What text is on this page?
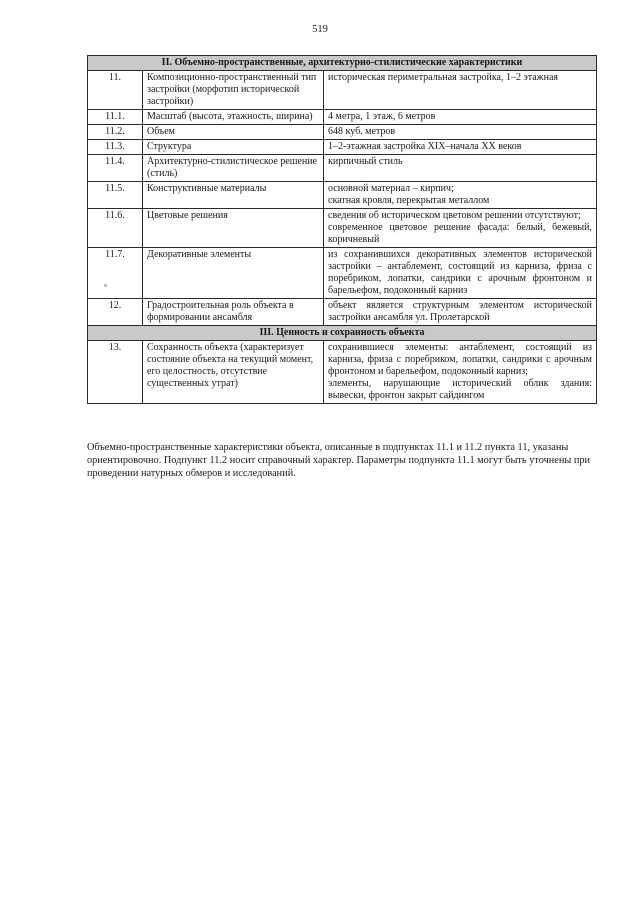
519
II. Объемно-пространственные, архитектурно-стилистические характеристики		
11.	Композиционно-пространственный тип застройки (морфотип исторической застройки)	историческая периметральная застройка, 1–2 этажная

11.1.	Масштаб (высота, этажность, ширина)	4 метра, 1 этаж, 6 метров

11.2.	Объем	648 куб. метров

11.3.	Структура	1–2-этажная застройка XIX–начала XX веков

11.4.	Архитектурно-стилистическое решение (стиль)	кирпичный стиль

11.5.	Конструктивные материалы	основной материал – кирпич;
скатная кровля, перекрытая металлом

11.6.	Цветовые решения	сведения об историческом цветовом решении отсутствуют;
современное цветовое решение фасада: белый, бежевый, коричневый

11.7.	Декоративные элементы	из сохранившихся декоративных элементов исторической застройки – антаблемент, состоящий из карниза, фриза с поребриком, лопатки, сандрики с арочным фронтоном и барельефом, подоконный карниз

12.	Градостроительная роль объекта в формировании ансамбля	объект является структурным элементом исторической застройки ансамбля ул. Пролетарской

III. Ценность и сохранность объекта		
13.	Сохранность объекта (характеризует состояние объекта на текущий момент, его целостность, отсутствие существенных утрат)	сохранившиеся элементы: антаблемент, состоящий из карниза, фриза с поребриком, лопатки, сандрики с арочным фронтоном и барельефом, подоконный карниз;
элементы, нарушающие исторический облик здания: вывески, фронтон закрыт сайдингом
Объемно-пространственные характеристики объекта, описанные в подпунктах 11.1 и 11.2 пункта 11, указаны ориентировочно. Подпункт 11.2 носит справочный характер. Параметры подпункта 11.1 могут быть уточнены при проведении натурных обмеров и исследований.
